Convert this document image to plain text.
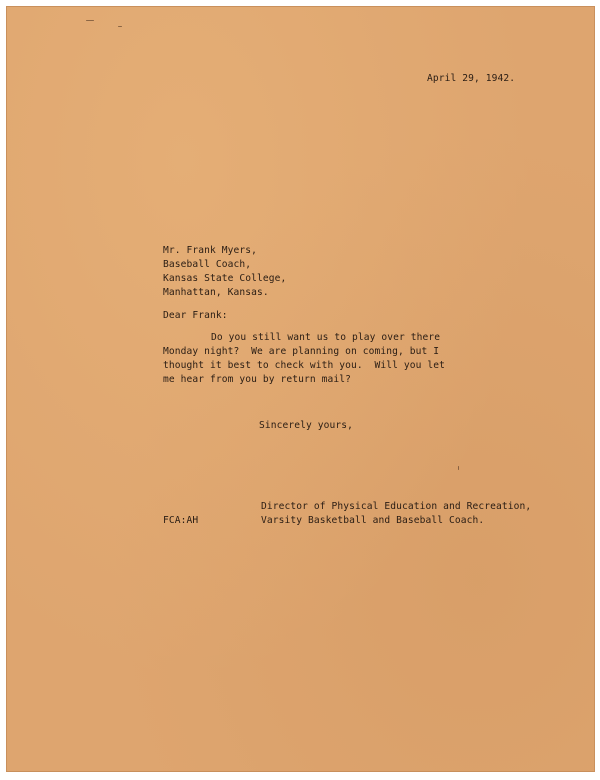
April 29, 1942.
Mr. Frank Myers,
Baseball Coach,
Kansas State College,
Manhattan, Kansas.
Dear Frank:
Do you still want us to play over there
Monday night?  We are planning on coming, but I
thought it best to check with you.  Will you let
me hear from you by return mail?
Sincerely yours,
Director of Physical Education and Recreation,
Varsity Basketball and Baseball Coach.
FCA:AH
